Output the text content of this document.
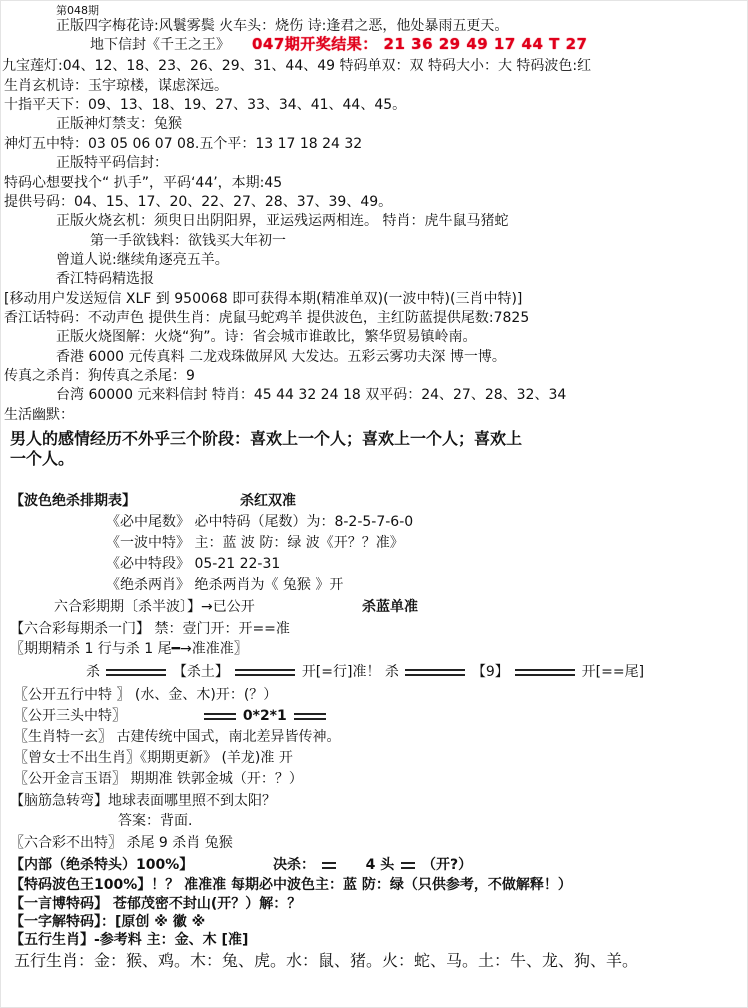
第048期
正版四字梅花诗:风鬟雾鬓 火车头：烧伤 诗:逢君之恶，他处暴雨五更天。
地下信封《千王之王》
九宝莲灯:04、12、18、23、26、29、31、44、49 特码单双：双 特码大小：大 特码波色:红
生肖玄机诗：玉宇琼楼，谋虑深远。
十指平天下：09、13、18、19、27、33、34、41、44、45。
正版神灯禁支：兔猴
神灯五中特：03 05 06 07 08.五个平：13 17 18 24 32
正版特平码信封：
特码心想要找个“ 扒手”，平码‘44’，本期:45
提供号码：04、15、17、20、22、27、28、37、39、49。
正版火烧玄机：须臾日出阴阳界，亚运残运两相连。 特肖：虎牛鼠马猪蛇
第一手欲钱料：欲钱买大年初一
曾道人说:继续角逐亮五羊。
香江特码精选报
[移动用户发送短信 XLF 到 950068 即可获得本期(精准单双)(一波中特)(三肖中特)]
香江话特码：不动声色 提供生肖：虎鼠马蛇鸡羊 提供波色，主红防蓝提供尾数:7825
正版火烧图解：火烧“狗”。诗：省会城市谁敢比，繁华贸易镇岭南。
香港 6000 元传真料 二龙戏珠做屏风 大发达。五彩云雾功夫深 博一博。
传真之杀肖：狗传真之杀尾：9
台湾 60000 元来料信封 特肖：45 44 32 24 18 双平码：24、27、28、32、34
生活幽默：
男人的感情经历不外乎三个阶段：喜欢上一个人；喜欢上一个人；喜欢上
一个人。
【波色绝杀排期表】	杀红双准
《必中尾数》 必中特码（尾数）为：8-2-5-7-6-0
《一波中特》 主：蓝 波 防：绿 波《开？？准》
《必中特段》 05-21 22-31
《绝杀两肖》 绝杀两肖为《 兔猴 》开
六合彩期期〔杀半波〕】→已公开	杀蓝单准
【六合彩每期杀一门】 禁：壹门开：开==准
〖期期精杀 1 行与杀 1 尾━→准准准〗
〖公开五行中特 〗 (水、金、木)开：(？）
〖公开三头中特〗
〖生肖特一玄〗 古建传统中国式，南北差异皆传神。
〖曾女士不出生肖〗《期期更新》 (羊龙)准 开
〖公开金言玉语〗 期期准 铁郭金城（开：？）
【脑筋急转弯】地球表面哪里照不到太阳？
答案：背面.
〖六合彩不出特〗 杀尾 9 杀肖 兔猴
【特码波色王100%】！？ 准准准 每期必中波色主：蓝 防：绿（只供参考，不做解释！）
【一言博特码】 苍郁茂密不封山(开？）解：？
【一字解特码】：[原创 ※ 徽 ※
【五行生肖】-参考料 主：金、木 [准]
五行生肖：金：猴、鸡。木：兔、虎。水：鼠、猪。火：蛇、马。土：牛、龙、狗、羊。
047期开奖结果： 21 36 29 49 17 44 T 27
杀	【杀土】	开[=行]准！ 杀	【9】	开[==尾]
0*2*1
【内部（绝杀特头）100%】	决杀：	4 头 （开?）
